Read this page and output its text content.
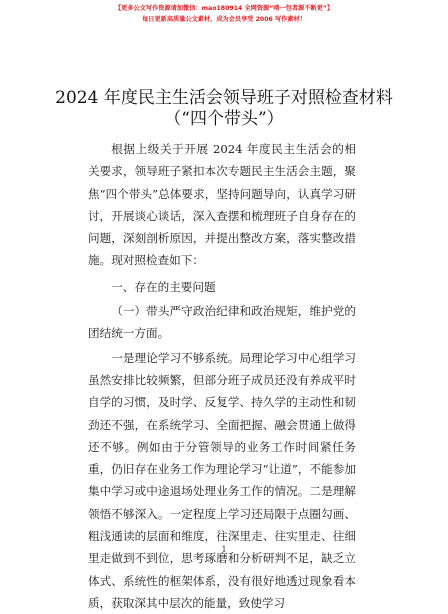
【更多公文写作资源请加微信：mao180914 全网资源“啃一包者源不断更”】
每日更新高质量公文素材，成为会员享受 2006 写作素材！
2024 年度民主生活会领导班子对照检查材料
（“四个带头”）

根据上级关于开展 2024 年度民主生活会的相关要求，领导班子紧扣本次专题民主生活会主题，聚焦“四个带头”总体要求，坚持问题导向，认真学习研讨，开展谈心谈话，深入查摆和梳理班子自身存在的问题，深刻剖析原因，并提出整改方案，落实整改措施。现对照检查如下：

一、存在的主要问题
（一）带头严守政治纪律和政治规矩，维护党的团结统一方面。

一是理论学习不够系统。局理论学习中心组学习虽然安排比较频繁，但部分班子成员还没有养成平时自学的习惯，及时学、反复学、持久学的主动性和韧劲还不强，在系统学习、全面把握、融会贯通上做得还不够。例如由于分管领导的业务工作时间紧任务重，仍旧存在业务工作为理论学习“让道”，不能参加集中学习或中途退场处理业务工作的情况。二是理解领悟不够深入。一定程度上学习还局限于点圈勾画、粗浅通读的层面和维度，往深里走、往实里走、往细里走做到不到位，思考琢磨和分析研判不足，缺乏立体式、系统性的框架体系，没有很好地透过现象看本质，获取深其中层次的能量，致使学习

1
